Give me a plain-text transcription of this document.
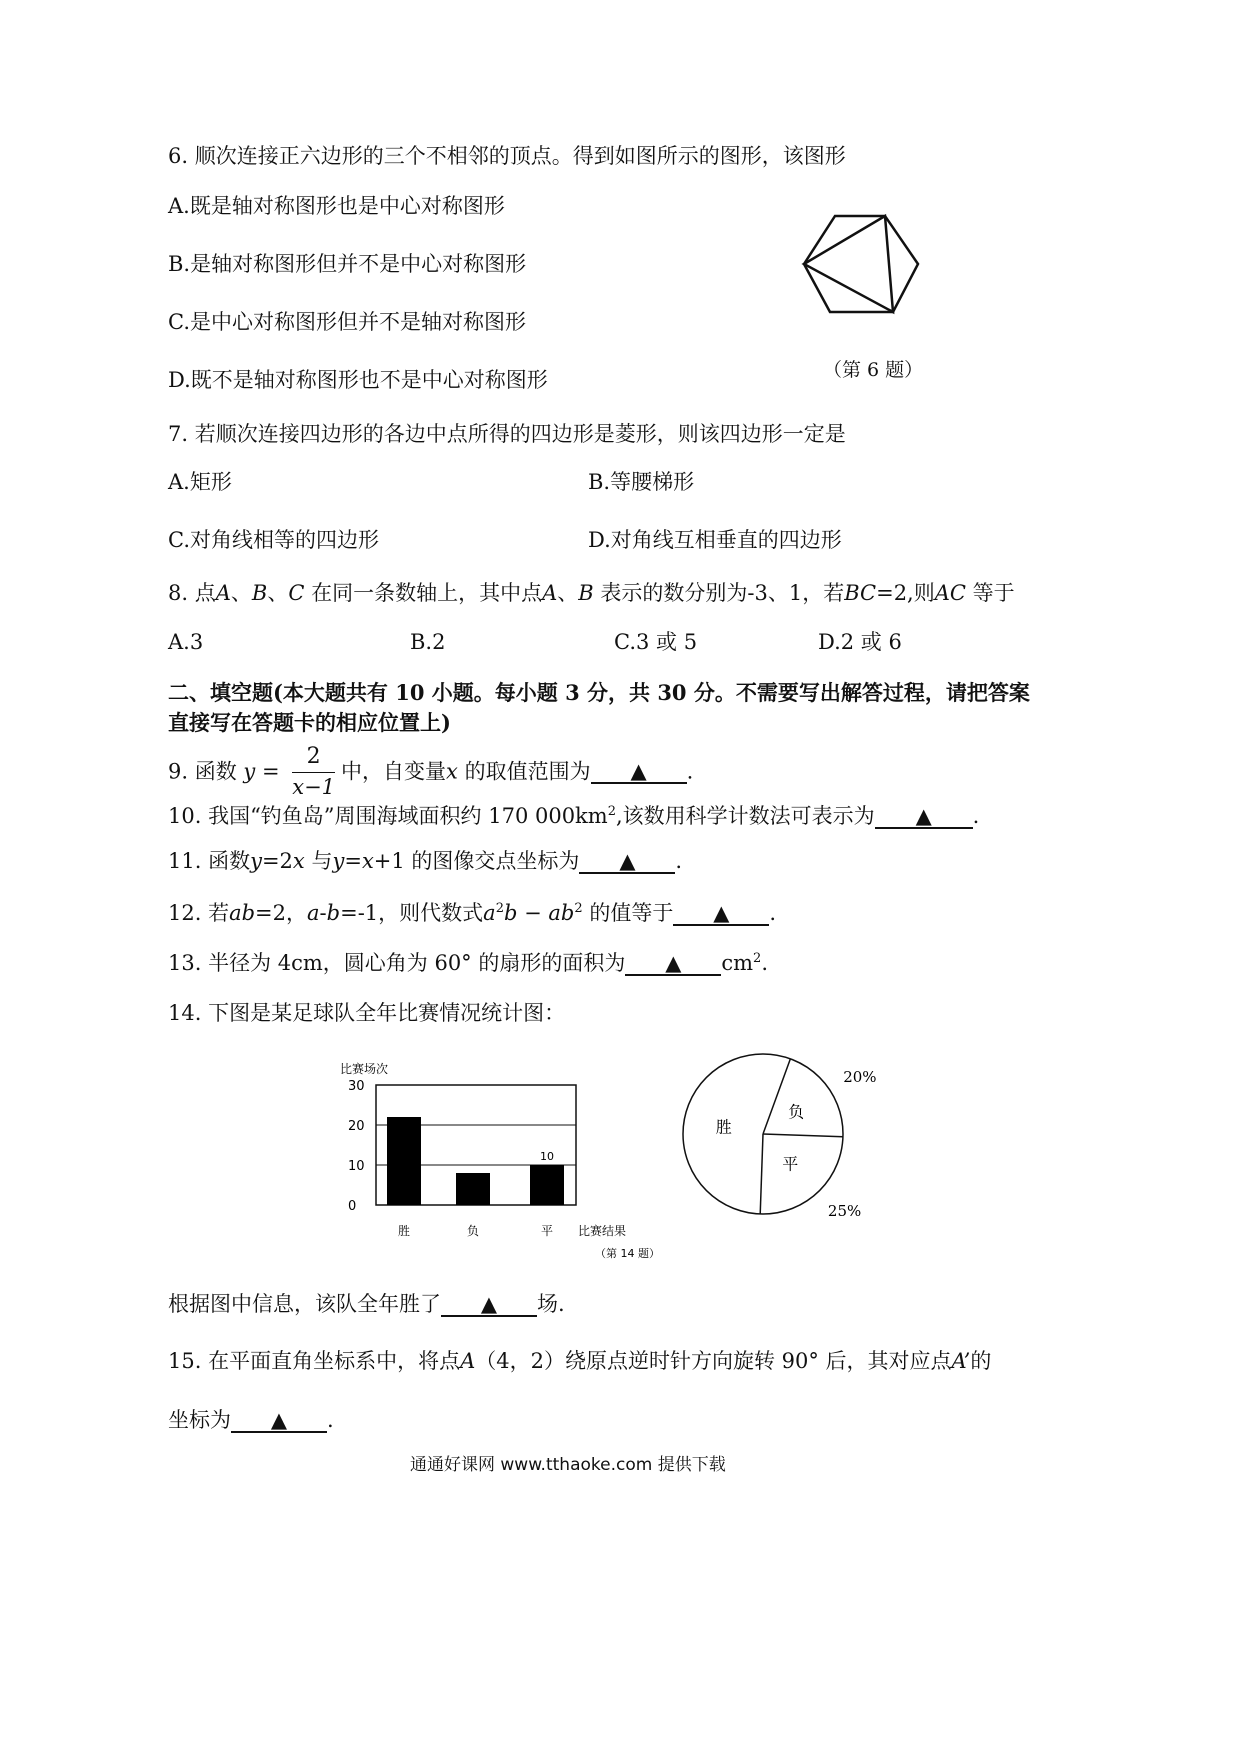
6. 顺次连接正六边形的三个不相邻的顶点。得到如图所示的图形，该图形
A.既是轴对称图形也是中心对称图形
B.是轴对称图形但并不是中心对称图形
C.是中心对称图形但并不是轴对称图形
D.既不是轴对称图形也不是中心对称图形	（第 6 题）
7. 若顺次连接四边形的各边中点所得的四边形是菱形，则该四边形一定是
A.矩形	B.等腰梯形
C.对角线相等的四边形	D.对角线互相垂直的四边形
8. 点A、B、C 在同一条数轴上，其中点A、B 表示的数分别为-3、1，若BC=2,则AC 等于
A.3	B.2	C.3 或 5	D.2 或 6
二、填空题(本大题共有 10 小题。每小题 3 分，共 30 分。不需要写出解答过程，请把答案
直接写在答题卡的相应位置上)
9. 函数 $y = \frac{2}{x-1}$ 中，自变量x 的取值范围为 ▲ .
10. 我国“钓鱼岛”周围海域面积约 170 $000km^2$,该数用科学计数法可表示为 ▲ .
11. 函数y=2x 与y=x+1 的图像交点坐标为 ▲ .
12. 若ab=2，a-b=-1，则代数式$a^2b - ab^2$ 的值等于 ▲ .
13. 半径为 4cm，圆心角为 60° 的扇形的面积为 ▲ $cm^2$.
14. 下图是某足球队全年比赛情况统计图：
比赛场次
0
10
20
30
胜	负	平
10
比赛结果
（第 14 题）
负
20%
平
25%
胜
根据图中信息，该队全年胜了 ▲ 场.
15. 在平面直角坐标系中，将点A（4，2）绕原点逆时针方向旋转 90° 后，其对应点A’的
坐标为 ▲ .
通通好课网 www.tthaoke.com 提供下载
